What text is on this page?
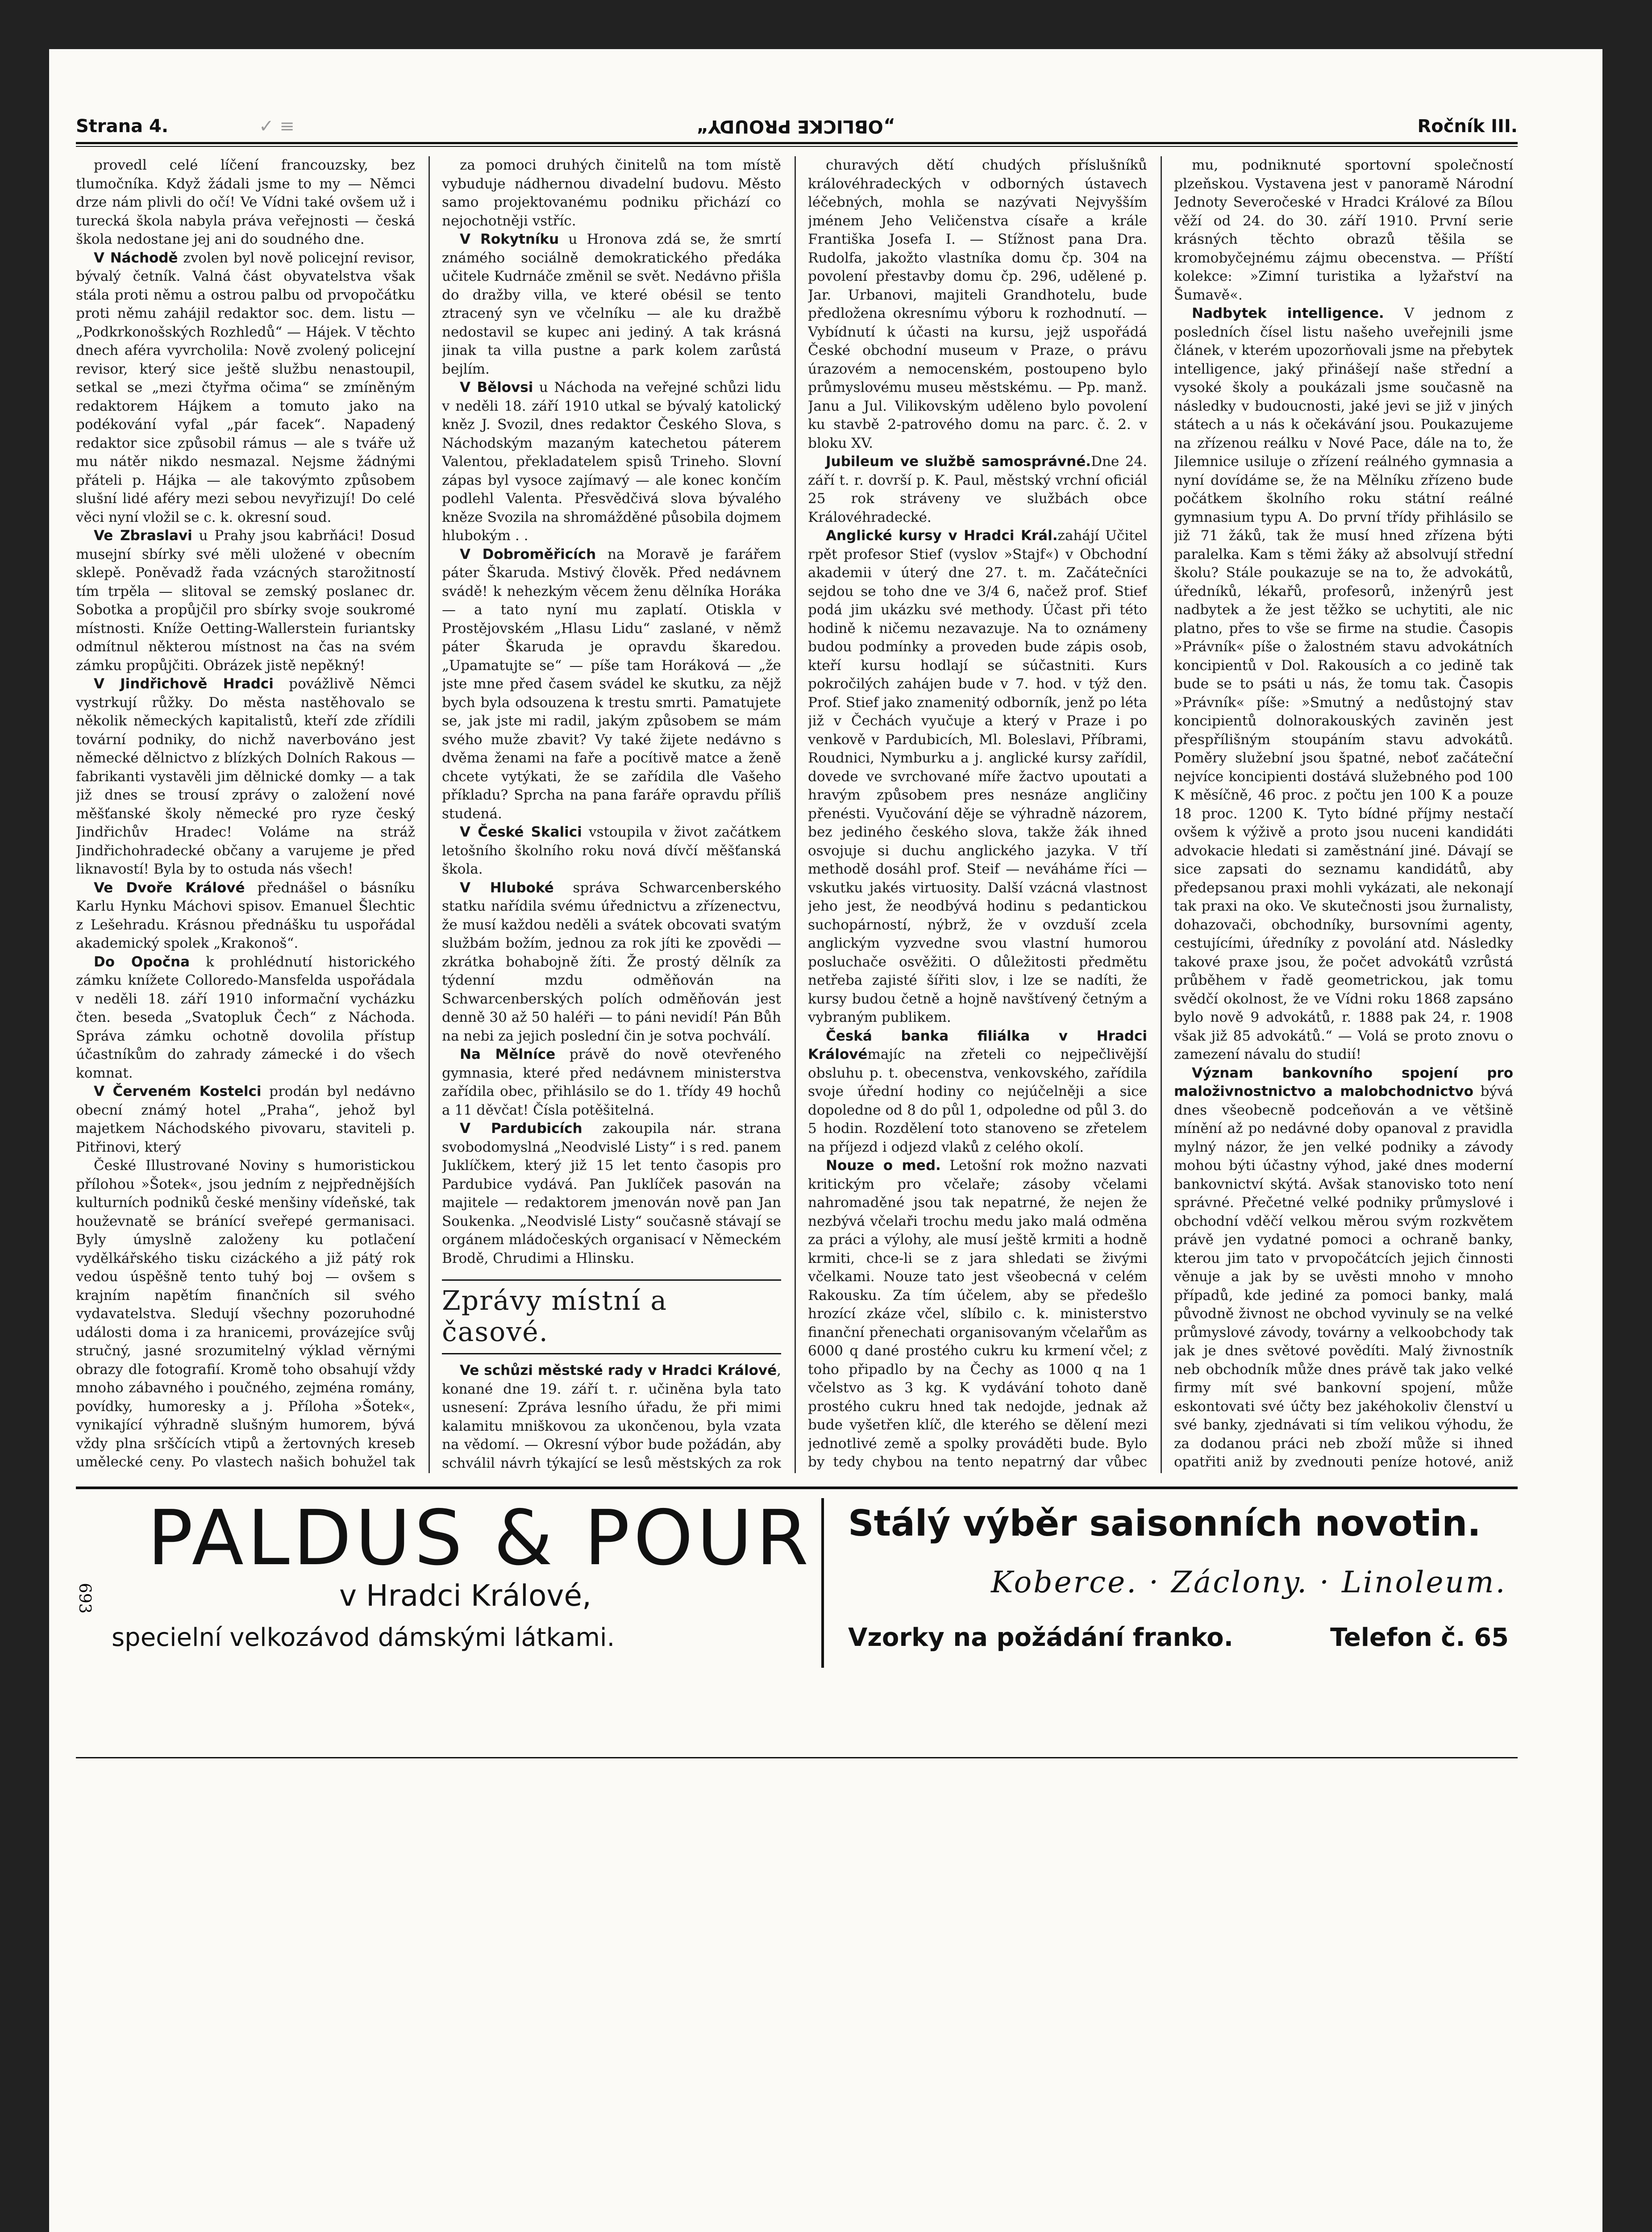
✓ ≡
Strana 4.	„OBLICKE PROUDY“	Ročník III.

provedl celé líčení francouzsky, bez tlumočníka. Když žádali jsme to my — Němci drze nám plivli do očí! Ve Vídni také ovšem už i turecká škola nabyla práva veřejnosti — česká škola nedostane jej ani do soudného dne.

V Náchodě zvolen byl nově policejní revisor, bývalý četník. Valná část obyvatelstva však stála proti němu a ostrou palbu od prvopočátku proti němu zahájil redaktor soc. dem. listu — „Podkrkonošských Rozhledů“ — Hájek. V těchto dnech aféra vyvrcholila: Nově zvolený policejní revisor, který sice ještě službu nenastoupil, setkal se „mezi čtyřma očima“ se zmíněným redaktorem Hájkem a tomuto jako na podékování vyfal „pár facek“. Napadený redaktor sice způsobil rámus — ale s tváře už mu nátěr nikdo nesmazal. Nejsme žádnými přáteli p. Hájka — ale takovýmto způsobem slušní lidé aféry mezi sebou nevyřizují! Do celé věci nyní vložil se c. k. okresní soud.

Ve Zbraslavi u Prahy jsou kabrňáci! Dosud musejní sbírky své měli uložené v obecním sklepě. Poněvadž řada vzácných starožitností tím trpěla — slitoval se zemský poslanec dr. Sobotka a propůjčil pro sbírky svoje soukromé místnosti. Kníže Oetting-Wallerstein furiantsky odmítnul některou místnost na čas na svém zámku propůjčiti. Obrázek jistě nepěkný!

V Jindřichově Hradci povážlivě Němci vystrkují růžky. Do města nastěhovalo se několik německých kapitalistů, kteří zde zřídili tovární podniky, do nichž naverbováno jest německé dělnictvo z blízkých Dolních Rakous — fabrikanti vystavěli jim dělnické domky — a tak již dnes se trousí zprávy o založení nové měšťanské školy německé pro ryze český Jindřichův Hradec! Voláme na stráž Jindřichohradecké občany a varujeme je před liknavostí! Byla by to ostuda nás všech!

Ve Dvoře Králové přednášel o básníku Karlu Hynku Máchovi spisov. Emanuel Šlechtic z Lešehradu. Krásnou přednášku tu uspořádal akademický spolek „Krakonoš“.

Do Opočna k prohlédnutí historického zámku knížete Colloredo-Mansfelda uspořádala v neděli 18. září 1910 informační vycházku čten. beseda „Svatopluk Čech“ z Náchoda. Správa zámku ochotně dovolila přístup účastníkům do zahrady zámecké i do všech komnat.

V Červeném Kostelci prodán byl nedávno obecní známý hotel „Praha“, jehož byl majetkem Náchodského pivovaru, staviteli p. Pitřinovi, který

České Illustrované Noviny s humoristickou přílohou »Šotek«, jsou jedním z nejpřednějších kulturních podniků české menšiny vídeňské, tak houževnatě se bránící sveřepé germanisaci. Byly úmyslně založeny ku potlačení vydělkářského tisku cizáckého a již pátý rok vedou úspěšně tento tuhý boj — ovšem s krajním napětím finančních sil svého vydavatelstva. Sledují všechny pozoruhodné události doma i za hranicemi, provázejíce svůj stručný, jasné srozumitelný výklad věrnými obrazy dle fotografií. Kromě toho obsahují vždy mnoho zábavného i poučného, zejména romány, povídky, humoresky a j. Příloha »Šotek«, vynikající výhradně slušným humorem, bývá vždy plna srščících vtipů a žertovných kreseb umělecké ceny. Po vlastech našich bohužel tak

za pomoci druhých činitelů na tom místě vybuduje nádhernou divadelní budovu. Město samo projektovanému podniku přichází co nejochotněji vstříc.

V Rokytníku u Hronova zdá se, že smrtí známého sociálně demokratického předáka učitele Kudrnáče změnil se svět. Nedávno přišla do dražby villa, ve které obésil se tento ztracený syn ve včelníku — ale ku dražbě nedostavil se kupec ani jediný. A tak krásná jinak ta villa pustne a park kolem zarůstá bejlím.

V Bělovsi u Náchoda na veřejné schůzi lidu v neděli 18. září 1910 utkal se bývalý katolický kněz J. Svozil, dnes redaktor Českého Slova, s Náchodským mazaným katechetou páterem Valentou, překladatelem spisů Trineho. Slovní zápas byl vysoce zajímavý — ale konec končím podlehl Valenta. Přesvědčivá slova bývalého kněze Svozila na shromážděné působila dojmem hlubokým . .

V Dobroměřicích na Moravě je farářem páter Škaruda. Mstivý člověk. Před nedávnem svádě! k nehezkým věcem ženu dělníka Horáka — a tato nyní mu zaplatí. Otiskla v Prostějovském „Hlasu Lidu“ zaslané, v němž páter Škaruda je opravdu škaredou. „Upamatujte se“ — píše tam Horáková — „že jste mne před časem svádel ke skutku, za nějž bych byla odsouzena k trestu smrti. Pamatujete se, jak jste mi radil, jakým způsobem se mám svého muže zbavit? Vy také žijete nedávno s dvěma ženami na faře a pocítivě matce a ženě chcete vytýkati, že se zařídila dle Vašeho příkladu? Sprcha na pana faráře opravdu příliš studená.

V České Skalici vstoupila v život začátkem letošního školního roku nová dívčí měšťanská škola.

V Hluboké správa Schwarcenberského statku nařídila svému úřednictvu a zřízenectvu, že musí každou neděli a svátek obcovati svatým službám božím, jednou za rok jíti ke zpovědi — zkrátka bohabojně žíti. Že prostý dělník za týdenní mzdu odměňován na Schwarcenberských polích odměňován jest denně 30 až 50 haléři — to páni nevidí! Pán Bůh na nebi za jejich poslední čin je sotva pochválí.

Na Mělníce právě do nově otevřeného gymnasia, které před nedávnem ministerstva zařídila obec, přihlásilo se do 1. třídy 49 hochů a 11 děvčat! Čísla potěšitelná.

V Pardubicích zakoupila nár. strana svobodomyslná „Neodvislé Listy“ i s red. panem Juklíčkem, který již 15 let tento časopis pro Pardubice vydává. Pan Juklíček pasován na majitele — redaktorem jmenován nově pan Jan Soukenka. „Neodvislé Listy“ současně stávají se orgánem mládočeských organisací v Německém Brodě, Chrudimi a Hlinsku.

Zprávy místní a časové.

Ve schůzi městské rady v Hradci Králové, konané dne 19. září t. r. učiněna byla tato usnesení: Zpráva lesního úřadu, že při mimi kalamitu mniškovou za ukončenou, byla vzata na vědomí. — Okresní výbor bude požádán, aby schválil návrh týkající se lesů městských za rok

churavých dětí chudých příslušníků královéhradeckých v odborných ústavech léčebných, mohla se nazývati Nejvyšším jménem Jeho Veličenstva císaře a krále Františka Josefa I. — Stížnost pana Dra. Rudolfa, jakožto vlastníka domu čp. 304 na povolení přestavby domu čp. 296, udělené p. Jar. Urbanovi, majiteli Grandhotelu, bude předložena okresnímu výboru k rozhodnutí. — Vybídnutí k účasti na kursu, jejž uspořádá České obchodní museum v Praze, o právu úrazovém a nemocenském, postoupeno bylo průmyslovému museu městskému. — Pp. manž. Janu a Jul. Vilikovským uděleno bylo povolení ku stavbě 2-patrového domu na parc. č. 2. v bloku XV.

Jubileum ve službě samosprávné.Dne 24. září t. r. dovrší p. K. Paul, městský vrchní oficiál 25 rok stráveny ve službách obce Královéhradecké.

Anglické kursy v Hradci Král.zahájí Učitel rpět profesor Stief (vyslov »Stajf«) v Obchodní akademii v úterý dne 27. t. m. Začátečníci sejdou se toho dne ve 3/4 6, načež prof. Stief podá jim ukázku své methody. Účast při této hodině k ničemu nezavazuje. Na to oznámeny budou podmínky a proveden bude zápis osob, kteří kursu hodlají se súčastniti. Kurs pokročilých zahájen bude v 7. hod. v týž den. Prof. Stief jako znamenitý odborník, jenž po léta již v Čechách vyučuje a který v Praze i po venkově v Pardubicích, Ml. Boleslavi, Příbrami, Roudnici, Nymburku a j. anglické kursy zařídil, dovede ve svrchované míře žactvo upoutati a hravým způsobem pres nesnáze angličiny přenésti. Vyučování děje se výhradně názorem, bez jediného českého slova, takže žák ihned osvojuje si duchu anglického jazyka. V tří methodě dosáhl prof. Steif — neváháme říci — vskutku jakés virtuosity. Další vzácná vlastnost jeho jest, že neodbývá hodinu s pedantickou suchopárností, nýbrž, že v ovzduší zcela anglickým vyzvedne svou vlastní humorou posluchače osvěžiti. O důležitosti předmětu netřeba zajisté šířiti slov, i lze se nadíti, že kursy budou četně a hojně navštívený četným a vybraným publikem.

Česká banka filiálka v Hradci Královémajíc na zřeteli co nejpečlivější obsluhu p. t. obecenstva, venkovského, zařídila svoje úřední hodiny co nejúčelněji a sice dopoledne od 8 do půl 1, odpoledne od půl 3. do 5 hodin. Rozdělení toto stanoveno se zřetelem na příjezd i odjezd vlaků z celého okolí.

Nouze o med. Letošní rok možno nazvati kritickým pro včelaře; zásoby včelami nahromaděné jsou tak nepatrné, že nejen že nezbývá včelaři trochu medu jako malá odměna za práci a výlohy, ale musí ještě krmiti a hodně krmiti, chce-li se z jara shledati se živými včelkami. Nouze tato jest všeobecná v celém Rakousku. Za tím účelem, aby se předešlo hrozící zkáze včel, slíbilo c. k. ministerstvo finanční přenechati organisovaným včelařům as 6000 q dané prostého cukru ku krmení včel; z toho připadlo by na Čechy as 1000 q na 1 včelstvo as 3 kg. K vydávání tohoto daně prostého cukru hned tak nedojde, jednak až bude vyšetřen klíč, dle kterého se dělení mezi jednotlivé země a spolky prováděti bude. Bylo by tedy chybou na tento nepatrný dar vůbec

mu, podniknuté sportovní společností plzeňskou. Vystavena jest v panoramě Národní Jednoty Severočeské v Hradci Králové za Bílou věží od 24. do 30. září 1910. První serie krásných těchto obrazů těšila se kromobyčejnému zájmu obecenstva. — Příští kolekce: »Zimní turistika a lyžařství na Šumavě«.

Nadbytek intelligence. V jednom z posledních čísel listu našeho uveřejnili jsme článek, v kterém upozorňovali jsme na přebytek intelligence, jaký přinášejí naše střední a vysoké školy a poukázali jsme současně na následky v budoucnosti, jaké jevi se již v jiných státech a u nás k očekávání jsou. Poukazujeme na zřízenou reálku v Nové Pace, dále na to, že Jilemnice usiluje o zřízení reálného gymnasia a nyní dovídáme se, že na Mělníku zřízeno bude počátkem školního roku státní reálné gymnasium typu A. Do první třídy přihlásilo se již 71 žáků, tak že musí hned zřízena býti paralelka. Kam s těmi žáky až absolvují střední školu? Stále poukazuje se na to, že advokátů, úředníků, lékařů, profesorů, inženýrů jest nadbytek a že jest těžko se uchytiti, ale nic platno, přes to vše se firme na studie. Časopis »Právník« píše o žalostném stavu advokátních koncipientů v Dol. Rakousích a co jedině tak bude se to psáti u nás, že tomu tak. Časopis »Právník« píše: »Smutný a nedůstojný stav koncipientů dolnorakouských zaviněn jest přespřílišným stoupáním stavu advokátů. Poměry služební jsou špatné, neboť začáteční nejvíce koncipienti dostává služebného pod 100 K měsíčně, 46 proc. z počtu jen 100 K a pouze 18 proc. 1200 K. Tyto bídné příjmy nestačí ovšem k výživě a proto jsou nuceni kandidáti advokacie hledati si zaměstnání jiné. Dávají se sice zapsati do seznamu kandidátů, aby předepsanou praxi mohli vykázati, ale nekonají tak praxi na oko. Ve skutečnosti jsou žurnalisty, dohazovači, obchodníky, bursovními agenty, cestujícími, úředníky z povolání atd. Následky takové praxe jsou, že počet advokátů vzrůstá průběhem v řadě geometrickou, jak tomu svědčí okolnost, že ve Vídni roku 1868 zapsáno bylo nově 9 advokátů, r. 1888 pak 24, r. 1908 však již 85 advokátů.“ — Volá se proto znovu o zamezení návalu do studií!

Význam bankovního spojení pro maloživnostnictvo a malobchodnictvo bývá dnes všeobecně podceňován a ve většině mínění až po nedávné doby opanoval z pravidla mylný názor, že jen velké podniky a závody mohou býti účastny výhod, jaké dnes moderní bankovnictví skýtá. Avšak stanovisko toto není správné. Přečetné velké podniky průmyslové i obchodní vděčí velkou měrou svým rozkvětem právě jen vydatné pomoci a ochraně banky, kterou jim tato v prvopočátcích jejich činnosti věnuje a jak by se uvěsti mnoho v mnoho případů, kde jediné za pomoci banky, malá původně živnost ne obchod vyvinuly se na velké průmyslové závody, továrny a velkoobchody tak jak je dnes světové povědíti. Malý živnostník neb obchodník může dnes právě tak jako velké firmy mít své bankovní spojení, může eskontovati své účty bez jakéhokoliv členství u své banky, zjednávati si tím velikou výhodu, že za dodanou práci neb zboží může si ihned opatřiti aniž by zvednouti peníze hotové, aniž

693
PALDUS & POUR
v Hradci Králové,
specielní velkozávod dámskými látkami.
Stálý výběr saisonních novotin.
Koberce. · Záclony. · Linoleum.
Vzorky na požádání franko.	Telefon č. 65
